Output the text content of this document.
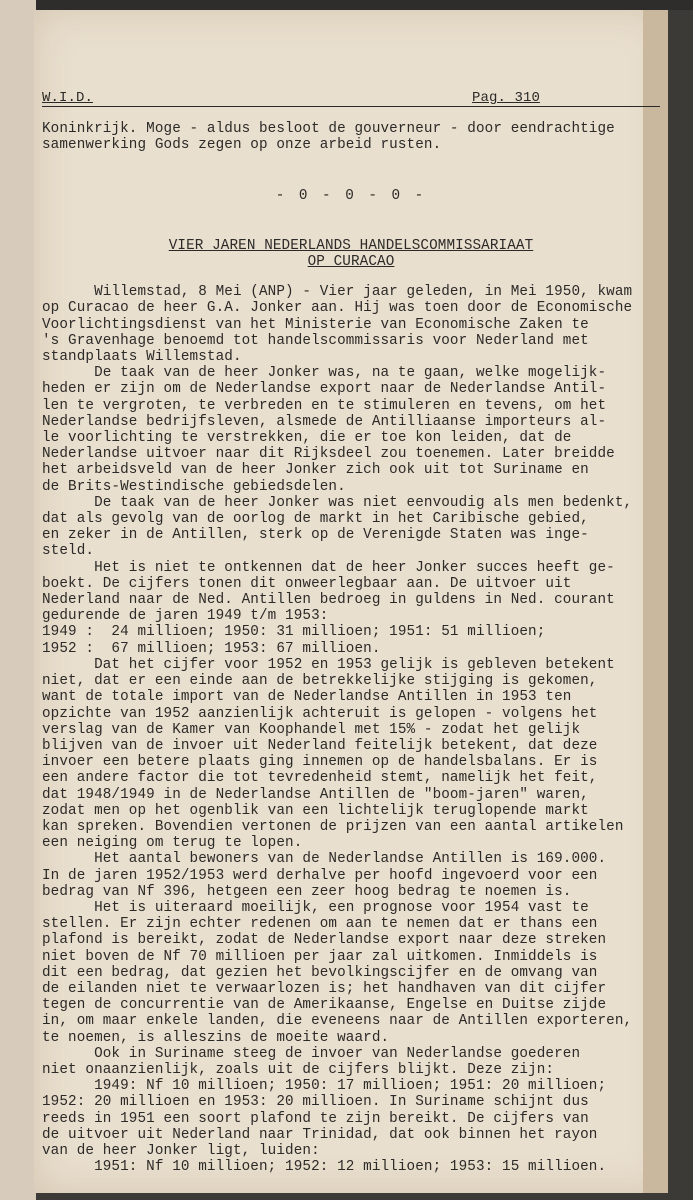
W.I.D.	Pag. 310
Koninkrijk. Moge - aldus besloot de gouverneur - door eendrachtige
samenwerking Gods zegen op onze arbeid rusten.
- 0 - 0 - 0 -
VIER JAREN NEDERLANDS HANDELSCOMMISSARIAAT
OP CURACAO
Willemstad, 8 Mei (ANP) - Vier jaar geleden, in Mei 1950, kwam
op Curacao de heer G.A. Jonker aan. Hij was toen door de Economische
Voorlichtingsdienst van het Ministerie van Economische Zaken te
's Gravenhage benoemd tot handelscommissaris voor Nederland met
standplaats Willemstad.
De taak van de heer Jonker was, na te gaan, welke mogelijk-
heden er zijn om de Nederlandse export naar de Nederlandse Antil-
len te vergroten, te verbreden en te stimuleren en tevens, om het
Nederlandse bedrijfsleven, alsmede de Antilliaanse importeurs al-
le voorlichting te verstrekken, die er toe kon leiden, dat de
Nederlandse uitvoer naar dit Rijksdeel zou toenemen. Later breidde
het arbeidsveld van de heer Jonker zich ook uit tot Suriname en
de Brits-Westindische gebiedsdelen.
De taak van de heer Jonker was niet eenvoudig als men bedenkt,
dat als gevolg van de oorlog de markt in het Caribische gebied,
en zeker in de Antillen, sterk op de Verenigde Staten was inge-
steld.
Het is niet te ontkennen dat de heer Jonker succes heeft ge-
boekt. De cijfers tonen dit onweerlegbaar aan. De uitvoer uit
Nederland naar de Ned. Antillen bedroeg in guldens in Ned. courant
gedurende de jaren 1949 t/m 1953:
1949 :  24 millioen; 1950: 31 millioen; 1951: 51 millioen;
1952 :  67 millioen; 1953: 67 millioen.
Dat het cijfer voor 1952 en 1953 gelijk is gebleven betekent
niet, dat er een einde aan de betrekkelijke stijging is gekomen,
want de totale import van de Nederlandse Antillen in 1953 ten
opzichte van 1952 aanzienlijk achteruit is gelopen - volgens het
verslag van de Kamer van Koophandel met 15% - zodat het gelijk
blijven van de invoer uit Nederland feitelijk betekent, dat deze
invoer een betere plaats ging innemen op de handelsbalans. Er is
een andere factor die tot tevredenheid stemt, namelijk het feit,
dat 1948/1949 in de Nederlandse Antillen de "boom-jaren" waren,
zodat men op het ogenblik van een lichtelijk teruglopende markt
kan spreken. Bovendien vertonen de prijzen van een aantal artikelen
een neiging om terug te lopen.
Het aantal bewoners van de Nederlandse Antillen is 169.000.
In de jaren 1952/1953 werd derhalve per hoofd ingevoerd voor een
bedrag van Nf 396, hetgeen een zeer hoog bedrag te noemen is.
Het is uiteraard moeilijk, een prognose voor 1954 vast te
stellen. Er zijn echter redenen om aan te nemen dat er thans een
plafond is bereikt, zodat de Nederlandse export naar deze streken
niet boven de Nf 70 millioen per jaar zal uitkomen. Inmiddels is
dit een bedrag, dat gezien het bevolkingscijfer en de omvang van
de eilanden niet te verwaarlozen is; het handhaven van dit cijfer
tegen de concurrentie van de Amerikaanse, Engelse en Duitse zijde
in, om maar enkele landen, die eveneens naar de Antillen exporteren,
te noemen, is alleszins de moeite waard.
Ook in Suriname steeg de invoer van Nederlandse goederen
niet onaanzienlijk, zoals uit de cijfers blijkt. Deze zijn:
1949: Nf 10 millioen; 1950: 17 millioen; 1951: 20 millioen;
1952: 20 millioen en 1953: 20 millioen. In Suriname schijnt dus
reeds in 1951 een soort plafond te zijn bereikt. De cijfers van
de uitvoer uit Nederland naar Trinidad, dat ook binnen het rayon
van de heer Jonker ligt, luiden:
1951: Nf 10 millioen; 1952: 12 millioen; 1953: 15 millioen.
